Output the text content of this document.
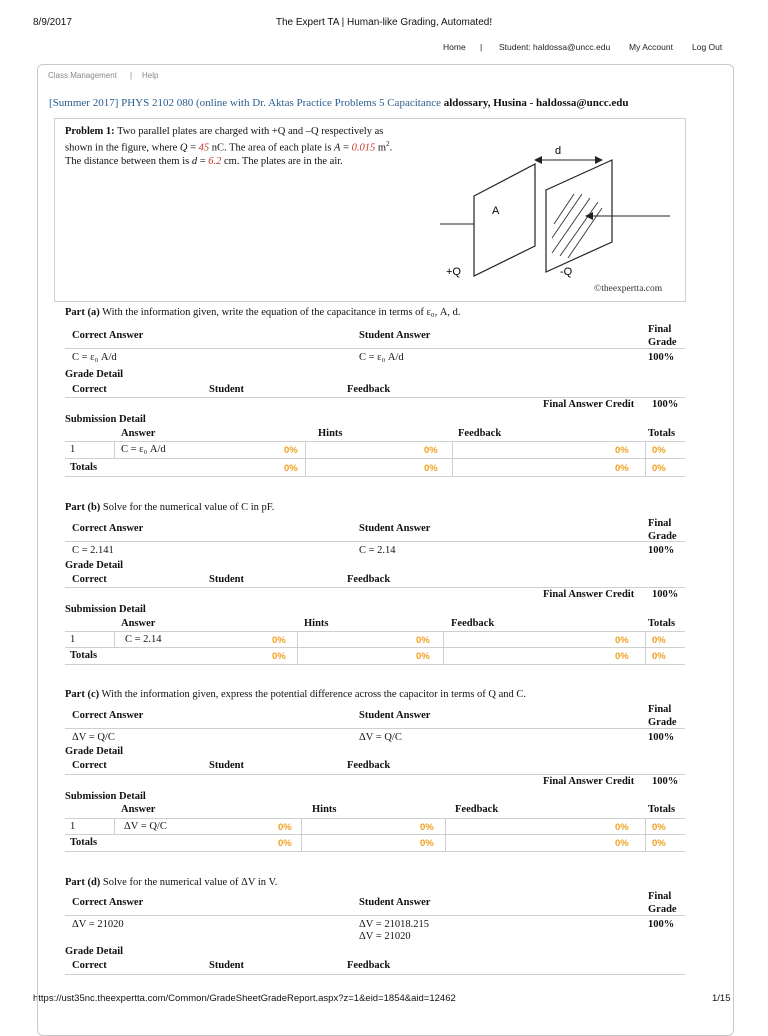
8/9/2017	The Expert TA | Human-like Grading, Automated!
https://ust35nc.theexpertta.com/Common/GradeSheetGradeReport.aspx?z=1&eid=1854&aid=12462	1/15
Home | Student: haldossa@uncc.edu My Account Log Out
Class Management | Help
[Summer 2017] PHYS 2102 080 (online with Dr. Aktas Practice Problems 5 Capacitance aldossary, Husina - haldossa@uncc.edu
Problem 1: Two parallel plates are charged with +Q and –Q respectively as
shown in the figure, where Q = 45 nC. The area of each plate is A = 0.015 $m^2$.
The distance between them is d = 6.2 cm. The plates are in the air.
d
A
+Q	-Q
©theexpertta.com
Part (a) With the information given, write the equation of the capacitance in terms of ε₀, A, d.
Correct Answer	Student Answer
Final
Grade
C = ε₀ A/d	C = ε₀ A/d	100%
Grade Detail
Correct	Student	Feedback
Final Answer Credit 100%
Submission Detail
Answer	Hints	Feedback	Totals
1	C = ε₀ A/d	0%	0%	0% 0%
Totals	0%	0%	0% 0%
Part (b) Solve for the numerical value of C in pF.
Correct Answer	Student Answer	Final
Grade
C = 2.141	C = 2.14	100%
Grade Detail
Correct	Student	Feedback
Final Answer Credit 100%
Submission Detail
Answer	Hints	Feedback	Totals
1	C = 2.14	0%	0%	0% 0%
Totals	0%	0%	0% 0%
Part (c) With the information given, express the potential difference across the capacitor in terms of Q and C.
Correct Answer	Student Answer
Final
Grade
ΔV = Q/C	ΔV = Q/C	100%
Grade Detail
Correct	Student	Feedback
Final Answer Credit 100%
Submission Detail
Answer	Hints	Feedback	Totals
1	ΔV = Q/C	0%	0%	0% 0%
Totals	0%	0%	0% 0%
Part (d) Solve for the numerical value of ΔV in V.
Correct Answer	Student Answer
Final
Grade
ΔV = 21020	ΔV = 21018.215
ΔV = 21020
100%
Grade Detail
Correct	Student	Feedback
